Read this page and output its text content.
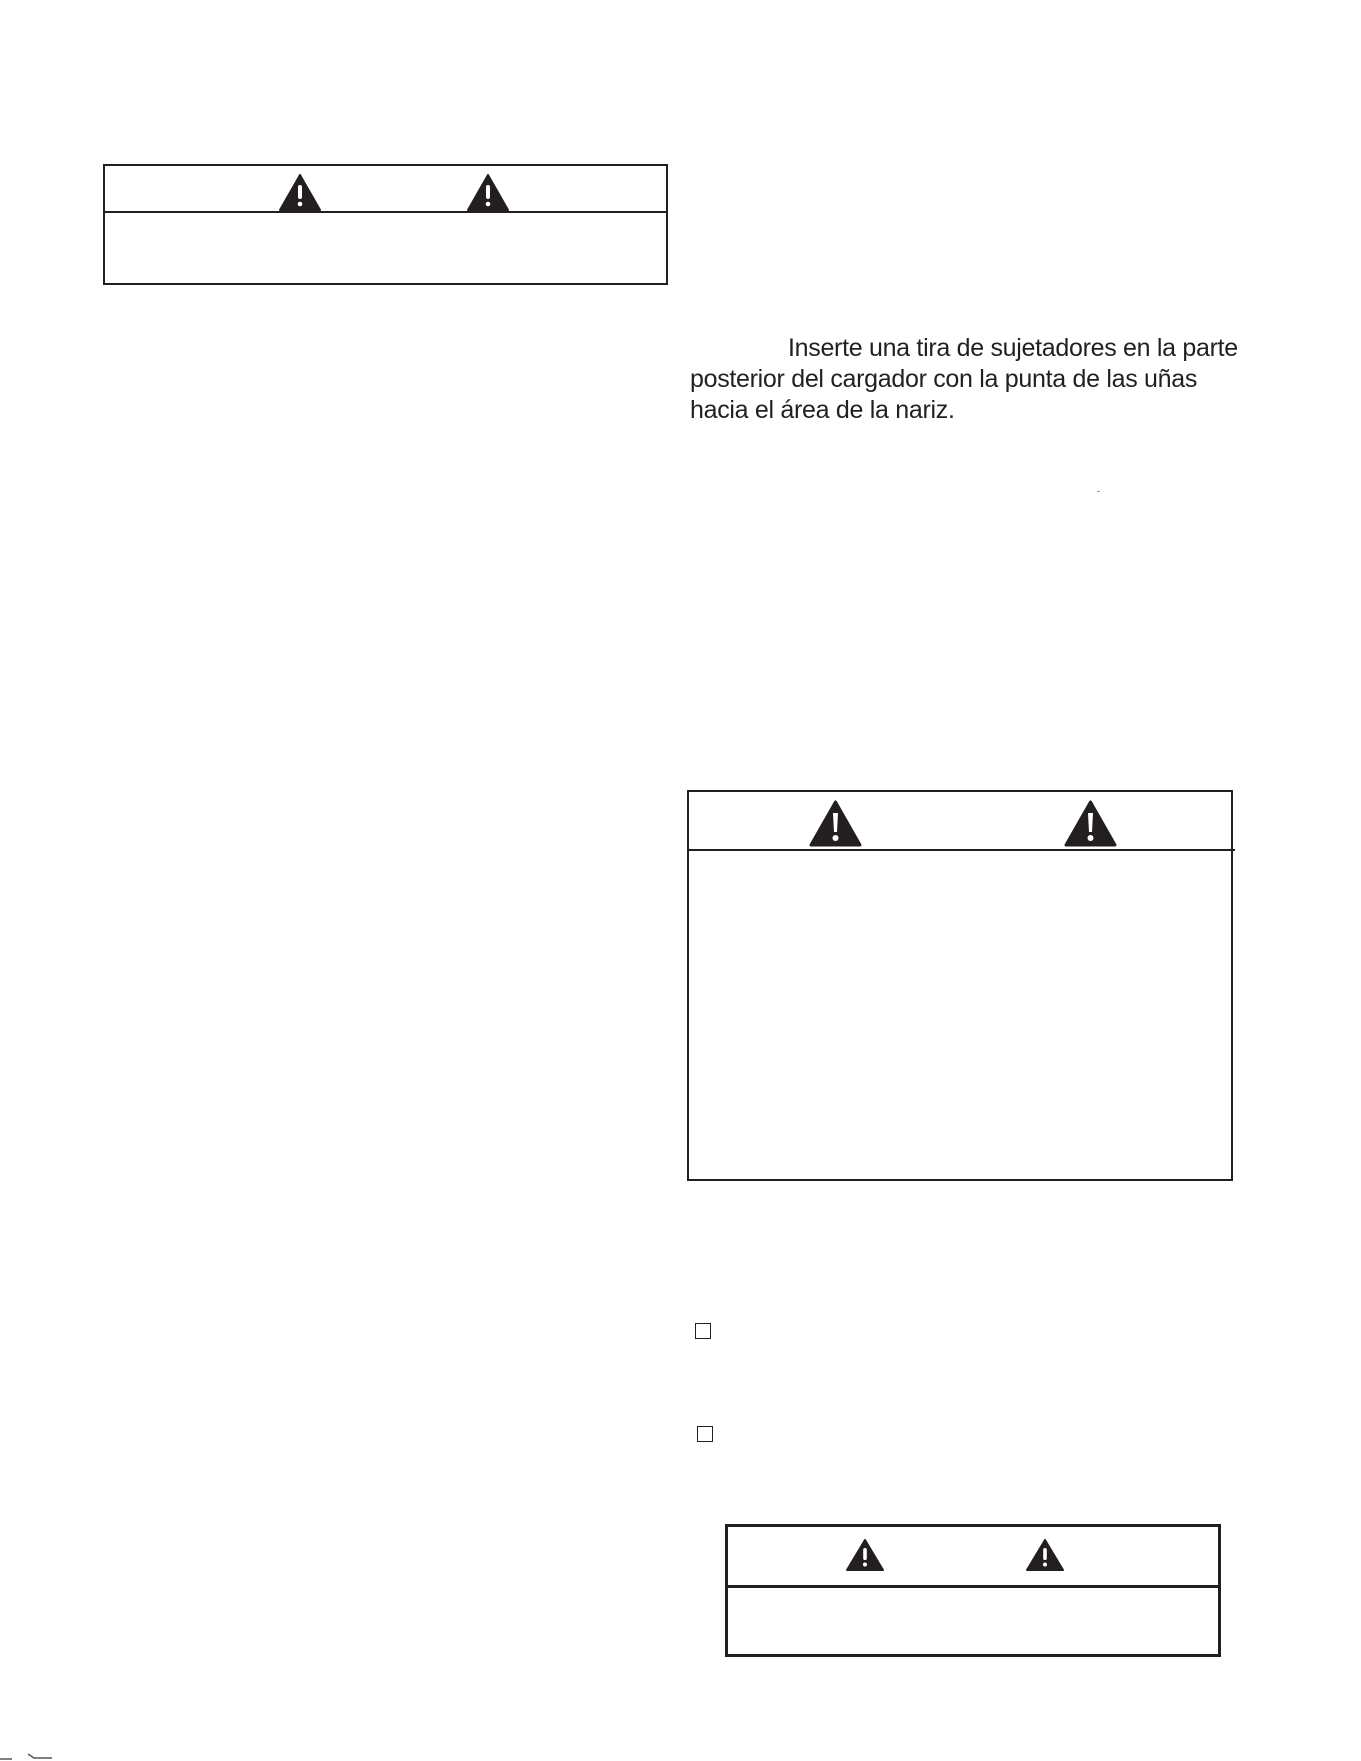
Inserte una tira de sujetadores en la parte posterior del cargador con la punta de las uñas hacia el área de la nariz.
